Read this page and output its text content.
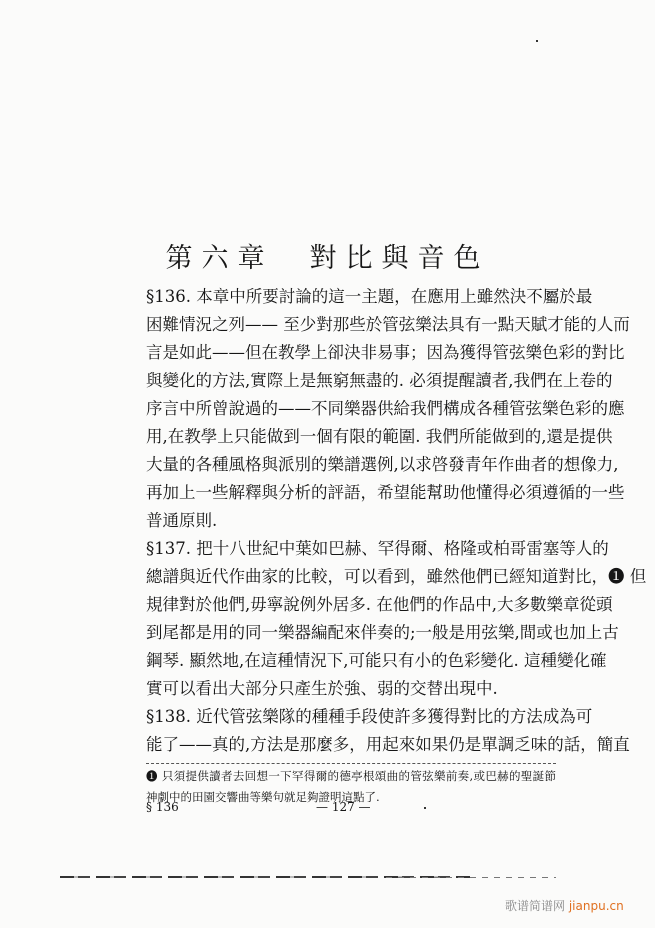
第六章　對比與音色
§136. 本章中所要討論的這一主題，在應用上雖然決不屬於最
困難情況之列—— 至少對那些於管弦樂法具有一點天賦才能的人而
言是如此——但在教學上卻決非易事；因為獲得管弦樂色彩的對比
與變化的方法,實際上是無窮無盡的. 必須提醒讀者,我們在上卷的
序言中所曾說過的——不同樂器供給我們構成各種管弦樂色彩的應
用,在教學上只能做到一個有限的範圍. 我們所能做到的,還是提供
大量的各種風格與派別的樂譜選例,以求啓發青年作曲者的想像力,
再加上一些解釋與分析的評語，希望能幫助他懂得必須遵循的一些
普通原則.
§137. 把十八世紀中葉如巴赫、罕得爾、格隆或柏哥雷塞等人的
總譜與近代作曲家的比較，可以看到，雖然他們已經知道對比，❶ 但
規律對於他們,毋寧說例外居多. 在他們的作品中,大多數樂章從頭
到尾都是用的同一樂器編配來伴奏的;一般是用弦樂,間或也加上古
鋼琴. 顯然地,在這種情況下,可能只有小的色彩變化. 這種變化確
實可以看出大部分只產生於強、弱的交替出現中.
§138. 近代管弦樂隊的種種手段使許多獲得對比的方法成為可
能了——真的,方法是那麼多，用起來如果仍是單調乏味的話，簡直
❶ 只須提供讀者去回想一下罕得爾的德亭根頌曲的管弦樂前奏,或巴赫的聖誕節
神劇中的田園交響曲等樂句就足夠證明這點了.
§ 136	— 127 —
歌谱简谱网 jianpu.cn
